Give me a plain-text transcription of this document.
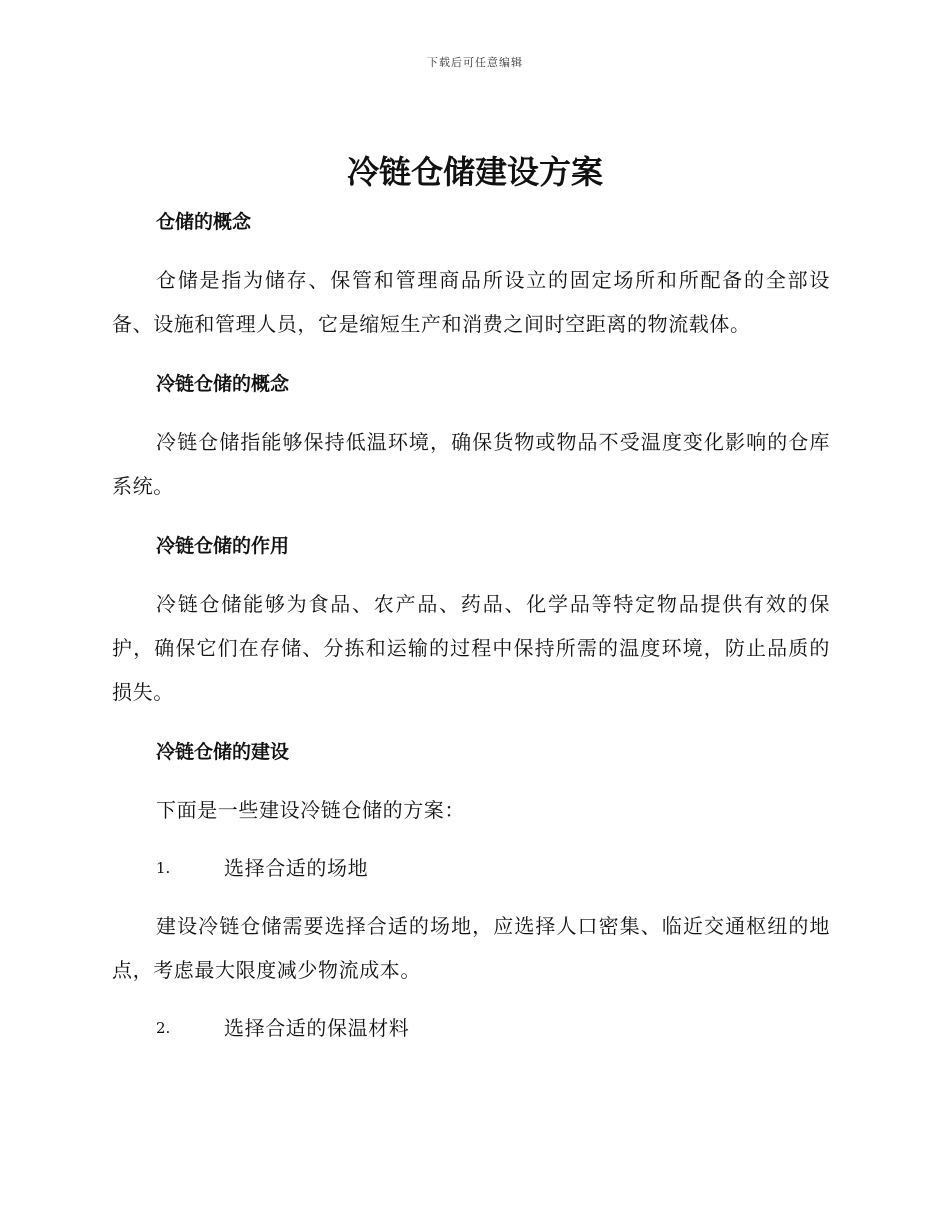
下载后可任意编辑
冷链仓储建设方案
仓储的概念

仓储是指为储存、保管和管理商品所设立的固定场所和所配备的全部设备、设施和管理人员，它是缩短生产和消费之间时空距离的物流载体。

冷链仓储的概念

冷链仓储指能够保持低温环境，确保货物或物品不受温度变化影响的仓库系统。

冷链仓储的作用

冷链仓储能够为食品、农产品、药品、化学品等特定物品提供有效的保护，确保它们在存储、分拣和运输的过程中保持所需的温度环境，防止品质的损失。

冷链仓储的建设

下面是一些建设冷链仓储的方案：

1.	选择合适的场地

建设冷链仓储需要选择合适的场地，应选择人口密集、临近交通枢纽的地点，考虑最大限度减少物流成本。

2.	选择合适的保温材料
